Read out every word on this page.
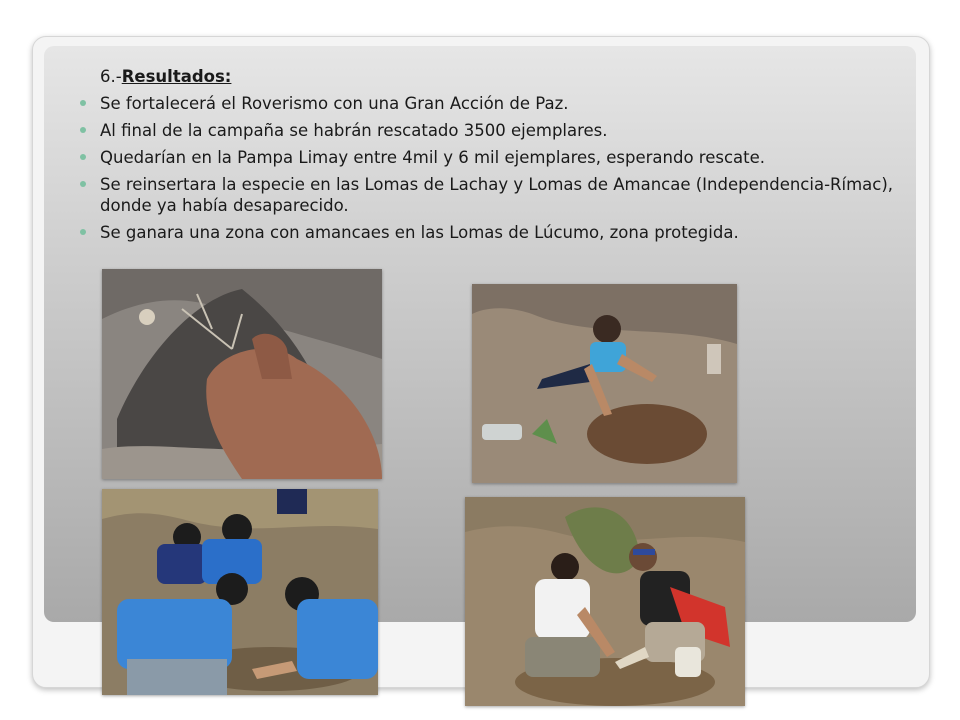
6.-Resultados:
Se fortalecerá el Roverismo con una Gran Acción de Paz.
Al final de la campaña se habrán rescatado 3500 ejemplares.
Quedarían en la Pampa Limay entre 4mil y 6 mil ejemplares, esperando rescate.
Se reinsertara la especie en las Lomas de Lachay y Lomas de Amancae (Independencia-Rímac), donde ya había desaparecido.
Se ganara una zona con amancaes en las Lomas de Lúcumo, zona protegida.
